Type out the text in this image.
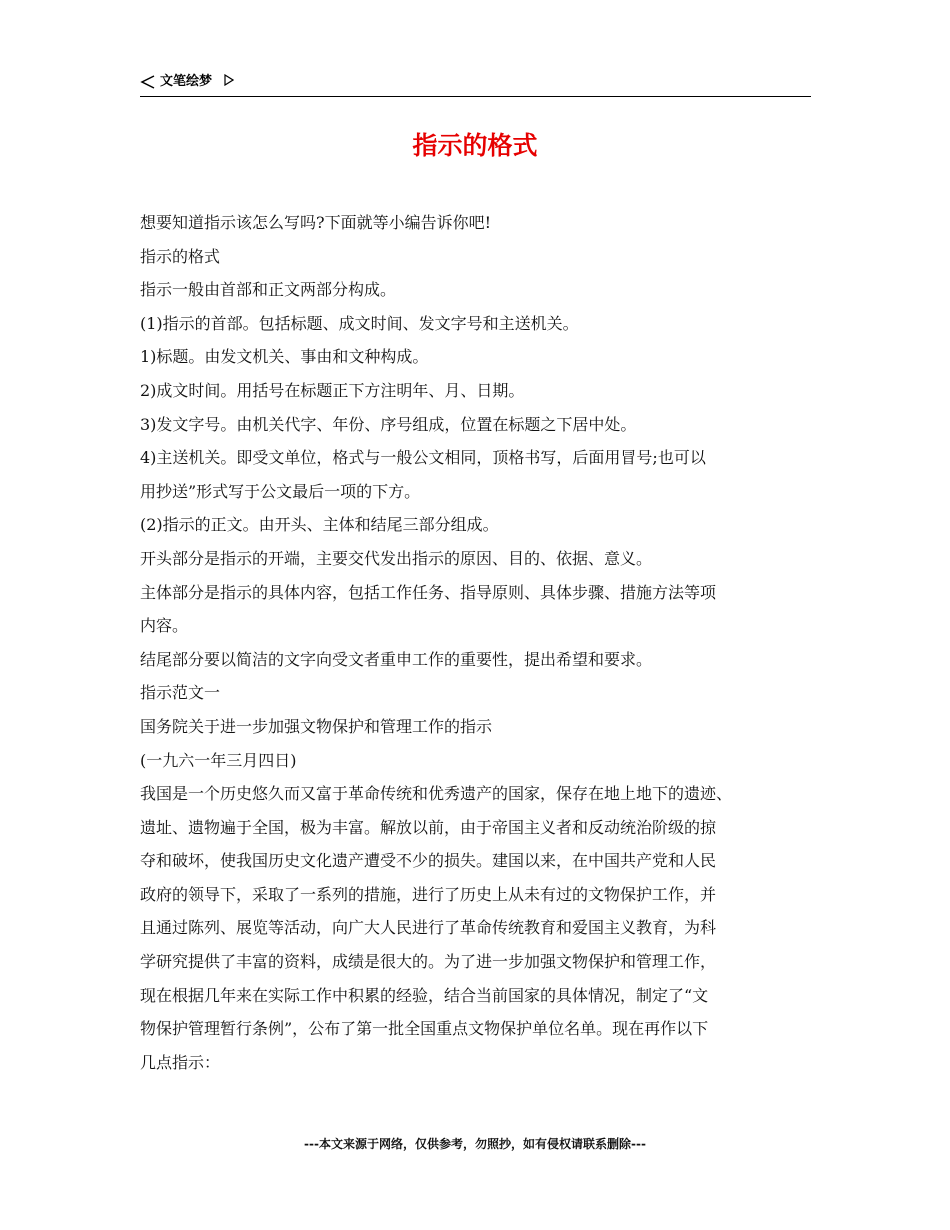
文笔绘梦
指示的格式
想要知道指示该怎么写吗?下面就等小编告诉你吧!
指示的格式
指示一般由首部和正文两部分构成。
(1)指示的首部。包括标题、成文时间、发文字号和主送机关。
1)标题。由发文机关、事由和文种构成。
2)成文时间。用括号在标题正下方注明年、月、日期。
3)发文字号。由机关代字、年份、序号组成，位置在标题之下居中处。
4)主送机关。即受文单位，格式与一般公文相同，顶格书写，后面用冒号;也可以
用抄送”形式写于公文最后一项的下方。
(2)指示的正文。由开头、主体和结尾三部分组成。
开头部分是指示的开端，主要交代发出指示的原因、目的、依据、意义。
主体部分是指示的具体内容，包括工作任务、指导原则、具体步骤、措施方法等项
内容。
结尾部分要以简洁的文字向受文者重申工作的重要性，提出希望和要求。
指示范文一
国务院关于进一步加强文物保护和管理工作的指示
(一九六一年三月四日)
我国是一个历史悠久而又富于革命传统和优秀遗产的国家，保存在地上地下的遗迹、
遗址、遗物遍于全国，极为丰富。解放以前，由于帝国主义者和反动统治阶级的掠
夺和破坏，使我国历史文化遗产遭受不少的损失。建国以来，在中国共产党和人民
政府的领导下，采取了一系列的措施，进行了历史上从未有过的文物保护工作，并
且通过陈列、展览等活动，向广大人民进行了革命传统教育和爱国主义教育，为科
学研究提供了丰富的资料，成绩是很大的。为了进一步加强文物保护和管理工作，
现在根据几年来在实际工作中积累的经验，结合当前国家的具体情况，制定了“文
物保护管理暂行条例”，公布了第一批全国重点文物保护单位名单。现在再作以下
几点指示：
---本文来源于网络，仅供参考，勿照抄，如有侵权请联系删除---
